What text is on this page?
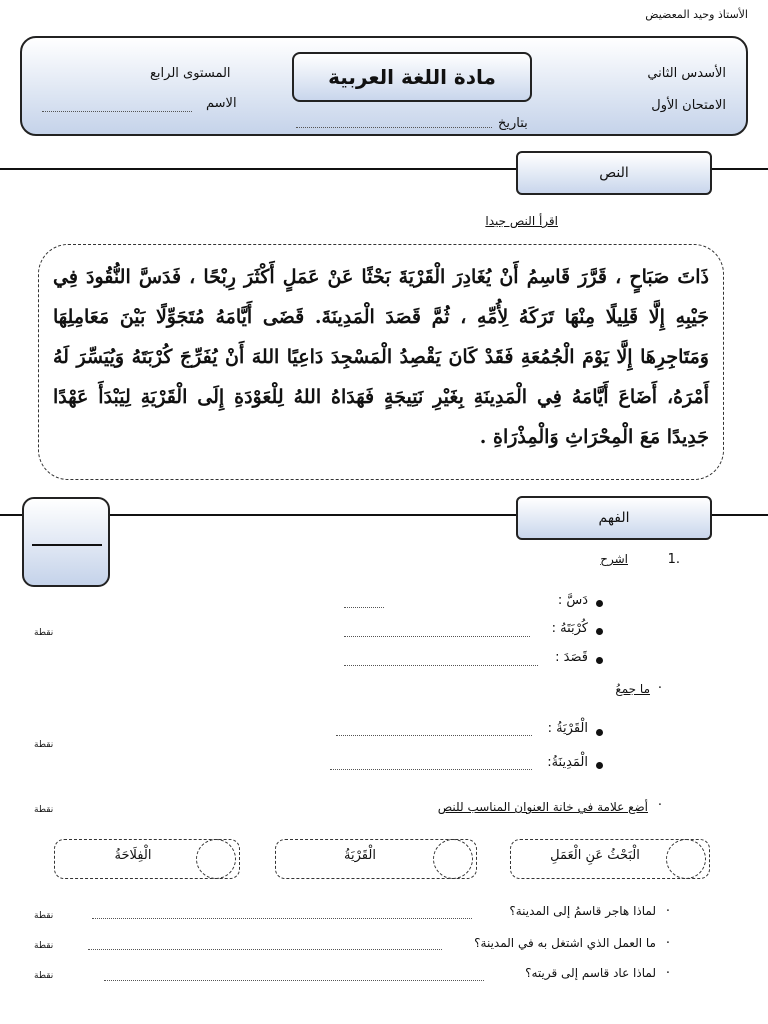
الأستاذ وحيد المعضيض
مادة اللغة العربية	الأسدس الثاني
الامتحان الأول
المستوى الرابع
الاسم
بتاريخ
النص
اقرأ النص جيدا
ذَاتَ صَبَاحٍ ، قَرَّرَ قَاسِمُ أَنْ يُغَادِرَ الْقَرْيَةَ بَحْثًا عَنْ عَمَلٍ أَكْثَرَ رِبْحًا ، فَدَسَّ النُّقُودَ فِي جَيْبِهِ إِلَّا قَلِيلًا مِنْهَا تَرَكَهُ لِأُمِّهِ ، ثُمَّ قَصَدَ الْمَدِينَةَ. قَضَى أَيَّامَهُ مُتَجَوِّلًا بَيْنَ مَعَامِلِهَا وَمَتَاجِرِهَا إِلَّا يَوْمَ الْجُمُعَةِ فَقَدْ كَانَ يَقْصِدُ الْمَسْجِدَ دَاعِيًا اللهَ أَنْ يُفَرِّجَ كُرْبَتَهُ وَيُيَسِّرَ لَهُ أَمْرَهُ، أَضَاعَ أَيَّامَهُ فِي الْمَدِينَةِ بِغَيْرِ نَتِيجَةٍ فَهَدَاهُ اللهُ لِلْعَوْدَةِ إِلَى الْقَرْيَةِ لِيَبْدَأَ عَهْدًا جَدِيدًا مَعَ الْمِحْرَاثِ وَالْمِذْرَاةِ .
الفهم
1.
اشرح
دَسَّ :
كُرْبَتَهُ :
نقطة
قَصَدَ :
·
ما جمعُ
الْقَرْيَةُ :
نقطة
الْمَدِينَةُ:
·
أضع علامة في خانة العنوان المناسب للنص
نقطة
الْبَحْثُ عَنِ الْعَمَلِ
الْقَرْيَةُ
الْفِلَاحَةُ
·
لماذا هاجر قاسمُ إلى المدينة؟
نقطة
·
ما العمل الذي اشتغل به في المدينة؟
نقطة
·
لماذا عاد قاسم إلى قريته؟
نقطة
